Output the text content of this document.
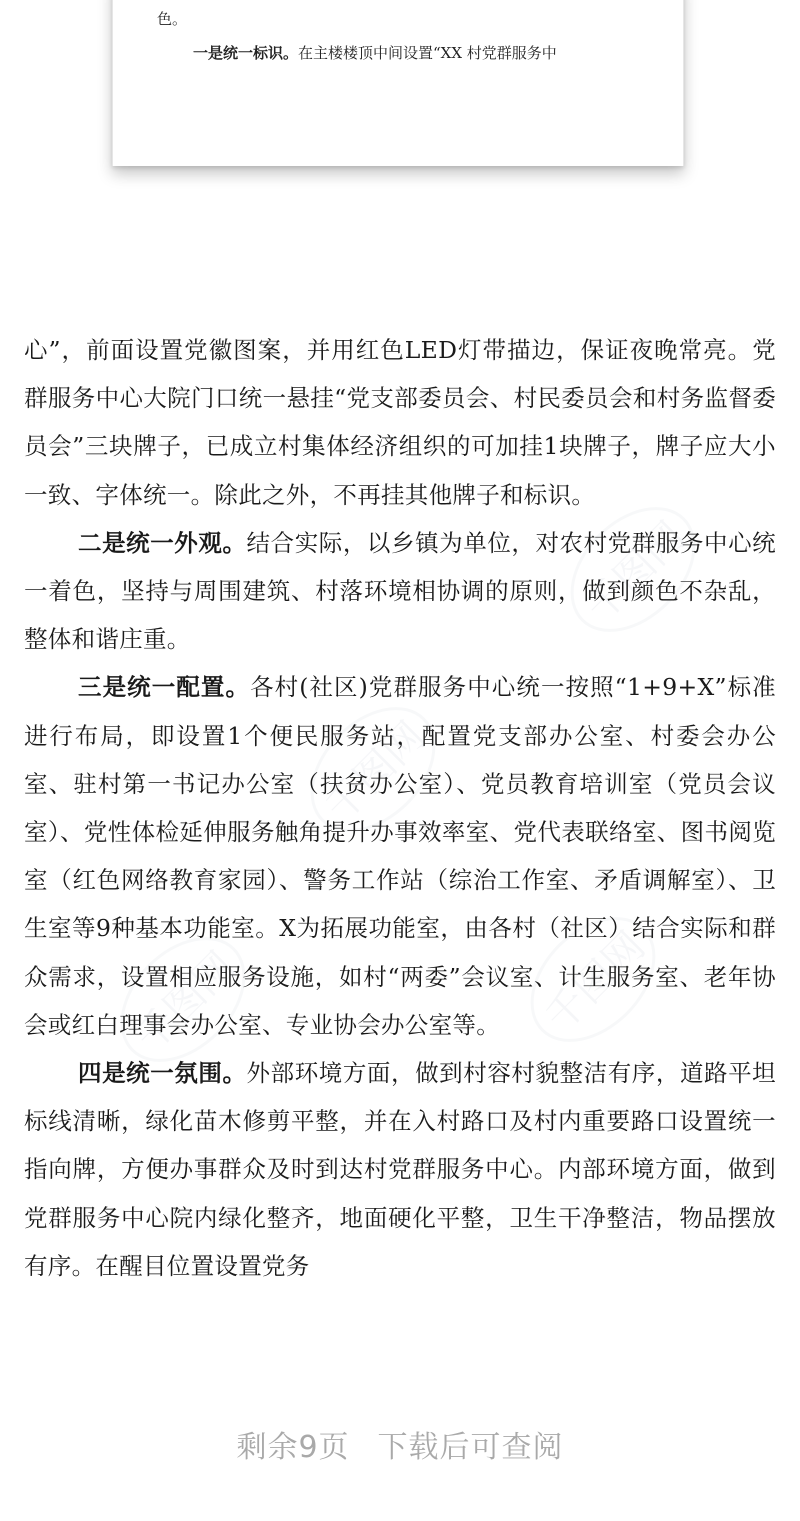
色。
一是统一标识。在主楼楼顶中间设置“XX 村党群服务中
千图网
千图网
千图网	千图网

心”，前面设置党徽图案，并用红色LED灯带描边，保证夜晚常亮。党群服务中心大院门口统一悬挂“党支部委员会、村民委员会和村务监督委员会”三块牌子，已成立村集体经济组织的可加挂1块牌子，牌子应大小一致、字体统一。除此之外，不再挂其他牌子和标识。

二是统一外观。结合实际，以乡镇为单位，对农村党群服务中心统一着色，坚持与周围建筑、村落环境相协调的原则，做到颜色不杂乱，整体和谐庄重。

三是统一配置。各村(社区)党群服务中心统一按照“1+9+X”标准进行布局，即设置1个便民服务站，配置党支部办公室、村委会办公室、驻村第一书记办公室（扶贫办公室）、党员教育培训室（党员会议室）、党性体检延伸服务触角提升办事效率室、党代表联络室、图书阅览室（红色网络教育家园）、警务工作站（综治工作室、矛盾调解室）、卫生室等9种基本功能室。X为拓展功能室，由各村（社区）结合实际和群众需求，设置相应服务设施，如村“两委”会议室、计生服务室、老年协会或红白理事会办公室、专业协会办公室等。

四是统一氛围。外部环境方面，做到村容村貌整洁有序，道路平坦标线清晰，绿化苗木修剪平整，并在入村路口及村内重要路口设置统一指向牌，方便办事群众及时到达村党群服务中心。内部环境方面，做到党群服务中心院内绿化整齐，地面硬化平整，卫生干净整洁，物品摆放有序。在醒目位置设置党务

剩余9页 下载后可查阅
